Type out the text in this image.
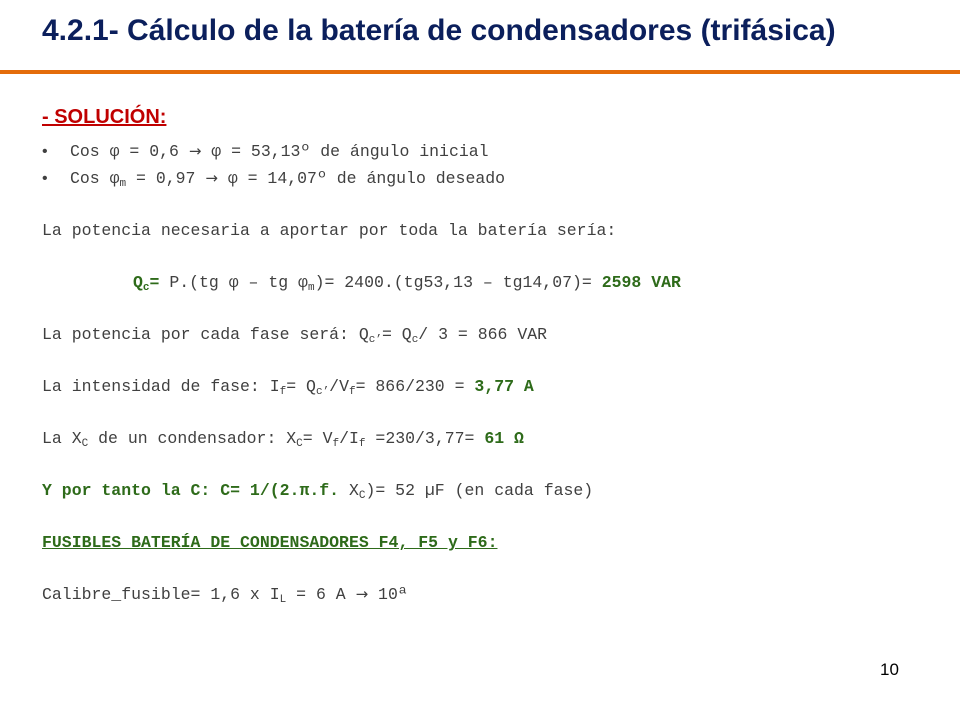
4.2.1- Cálculo de la batería de condensadores (trifásica)
- SOLUCIÓN:
• Cos φ = 0,6 → φ = 53,13º de ángulo inicial
• Cos $\varphi_m = 0,97 \to \varphi$ = 14,07º de ángulo deseado
La potencia necesaria a aportar por toda la batería sería:
$Q_c= P.(tg$ φ – tg $\varphi_m)= 2400.(tg53,13 - tg14,07)= 2598$ VAR
La potencia por cada fase será: $Q_{c’}= Q_c/$ 3 = 866 VAR
La intensidad de fase: $I_f= Q_{c’}/V_f= 866/230 = 3,77$ A
La $X_C$ de un condensador: $X_C= V_f/I_f =230/3,77= 61$ Ω
Y por tanto la C: C= 1/(2.π.f. $X_C)= 52$ µF (en cada fase)
FUSIBLES BATERÍA DE CONDENSADORES F4, F5 y F6:
Calibre_fusible= 1,6 x $I_L = 6$ A → 10ª
10
